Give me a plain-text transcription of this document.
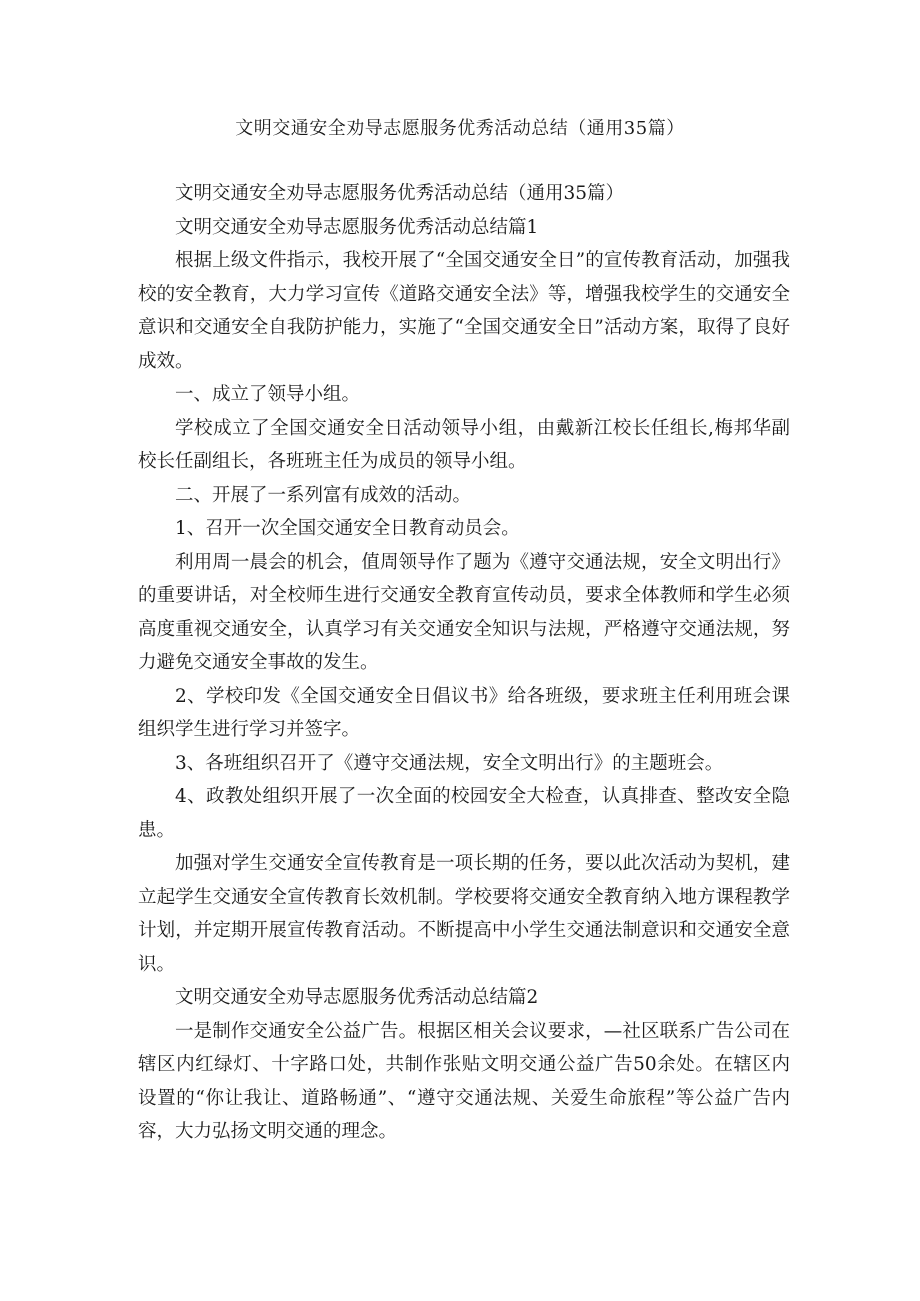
文明交通安全劝导志愿服务优秀活动总结（通用35篇）

文明交通安全劝导志愿服务优秀活动总结（通用35篇）

文明交通安全劝导志愿服务优秀活动总结篇1

根据上级文件指示，我校开展了“全国交通安全日”的宣传教育活动，加强我校的安全教育，大力学习宣传《道路交通安全法》等，增强我校学生的交通安全意识和交通安全自我防护能力，实施了“全国交通安全日”活动方案，取得了良好成效。

一、成立了领导小组。

学校成立了全国交通安全日活动领导小组，由戴新江校长任组长,梅邦华副校长任副组长，各班班主任为成员的领导小组。

二、开展了一系列富有成效的活动。

1、召开一次全国交通安全日教育动员会。

利用周一晨会的机会，值周领导作了题为《遵守交通法规，安全文明出行》的重要讲话，对全校师生进行交通安全教育宣传动员，要求全体教师和学生必须高度重视交通安全，认真学习有关交通安全知识与法规，严格遵守交通法规，努力避免交通安全事故的发生。

2、学校印发《全国交通安全日倡议书》给各班级，要求班主任利用班会课组织学生进行学习并签字。

3、各班组织召开了《遵守交通法规，安全文明出行》的主题班会。

4、政教处组织开展了一次全面的校园安全大检查，认真排查、整改安全隐患。

加强对学生交通安全宣传教育是一项长期的任务，要以此次活动为契机，建立起学生交通安全宣传教育长效机制。学校要将交通安全教育纳入地方课程教学计划，并定期开展宣传教育活动。不断提高中小学生交通法制意识和交通安全意识。

文明交通安全劝导志愿服务优秀活动总结篇2

一是制作交通安全公益广告。根据区相关会议要求，—社区联系广告公司在辖区内红绿灯、十字路口处，共制作张贴文明交通公益广告50余处。在辖区内设置的“你让我让、道路畅通”、“遵守交通法规、关爱生命旅程”等公益广告内容，大力弘扬文明交通的理念。
